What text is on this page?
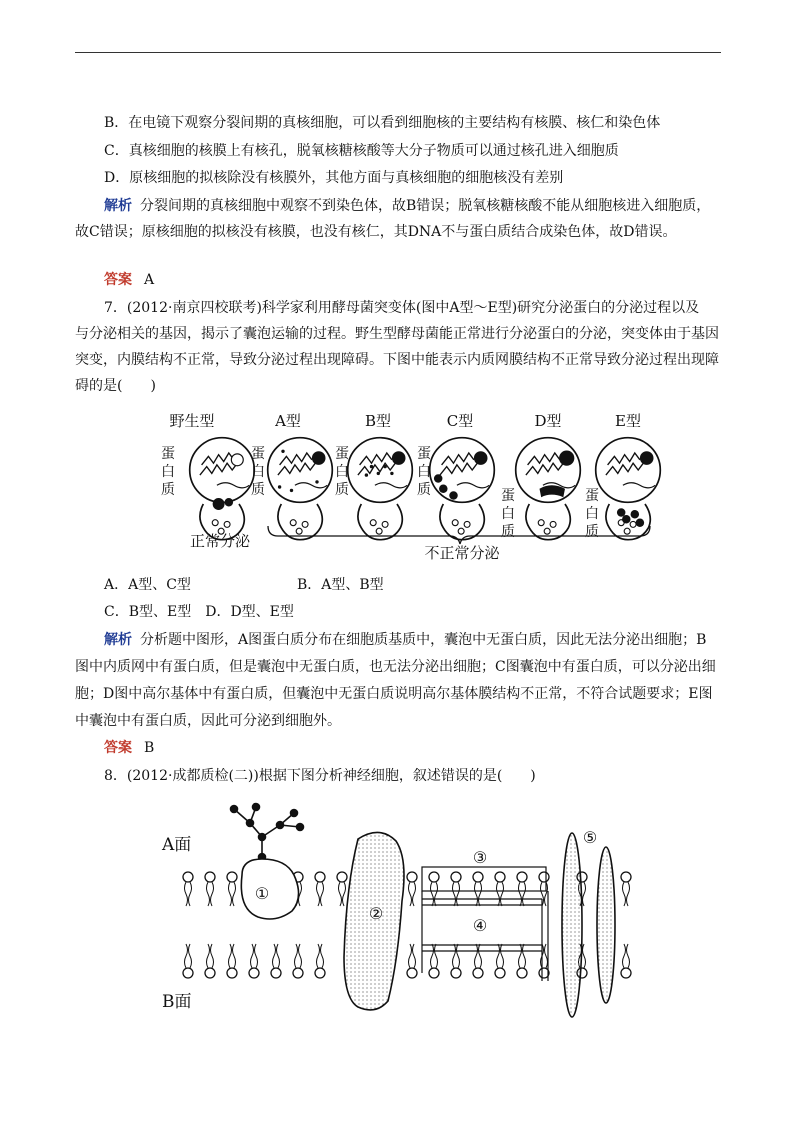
B．在电镜下观察分裂间期的真核细胞，可以看到细胞核的主要结构有核膜、核仁和染色体
C．真核细胞的核膜上有核孔，脱氧核糖核酸等大分子物质可以通过核孔进入细胞质
D．原核细胞的拟核除没有核膜外，其他方面与真核细胞的细胞核没有差别
解析 分裂间期的真核细胞中观察不到染色体，故B错误；脱氧核糖核酸不能从细胞核进入细胞质，
故C错误；原核细胞的拟核没有核膜，也没有核仁，其DNA不与蛋白质结合成染色体，故D错误。
答案 A
7．(2012·南京四校联考)科学家利用酵母菌突变体(图中A型～E型)研究分泌蛋白的分泌过程以及
与分泌相关的基因，揭示了囊泡运输的过程。野生型酵母菌能正常进行分泌蛋白的分泌，突变体由于基因
突变，内膜结构不正常，导致分泌过程出现障碍。下图中能表示内质网膜结构不正常导致分泌过程出现障
碍的是(　　)
野生型	A型	B型	C型	D型	E型
蛋
白
质
蛋
白
质
蛋
白
质
蛋
白
质	蛋
白
质
蛋
白
质
正常分泌
不正常分泌
A．A型、C型	B．A型、B型
C．B型、E型　D．D型、E型
解析 分析题中图形，A图蛋白质分布在细胞质基质中，囊泡中无蛋白质，因此无法分泌出细胞；B
图中内质网中有蛋白质，但是囊泡中无蛋白质，也无法分泌出细胞；C图囊泡中有蛋白质，可以分泌出细
胞；D图中高尔基体中有蛋白质，但囊泡中无蛋白质说明高尔基体膜结构不正常，不符合试题要求；E图
中囊泡中有蛋白质，因此可分泌到细胞外。
答案 B
8．(2012·成都质检(二))根据下图分析神经细胞，叙述错误的是(　　)
A面
B面
①
②
③
④
⑤
